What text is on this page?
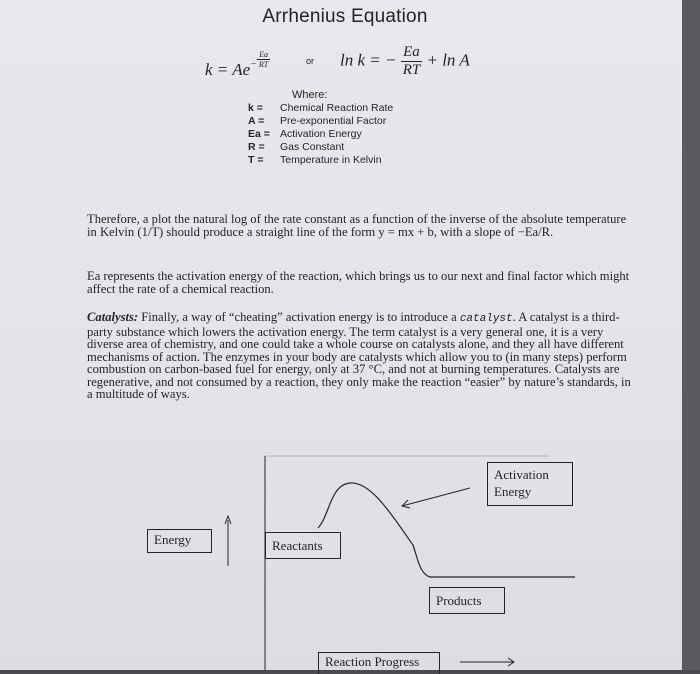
Arrhenius Equation
$k = Ae^{- \frac{Ea}{RT}}$	or ln k = − $\frac{Ea}{RT} + \ln A$
Where:
k =	Chemical Reaction Rate
A =	Pre-exponential Factor
Ea = Activation Energy
R =	Gas Constant
T =	Temperature in Kelvin
Therefore, a plot the natural log of the rate constant as a function of the inverse of the absolute temperature in Kelvin (1/T) should produce a straight line of the form y = mx + b, with a slope of −Ea/R.
Ea represents the activation energy of the reaction, which brings us to our next and final factor which might affect the rate of a chemical reaction.
Catalysts: Finally, a way of “cheating” activation energy is to introduce a catalyst. A catalyst is a third-party substance which lowers the activation energy. The term catalyst is a very general one, it is a very diverse area of chemistry, and one could take a whole course on catalysts alone, and they all have different mechanisms of action. The enzymes in your body are catalysts which allow you to (in many steps) perform combustion on carbon-based fuel for energy, only at 37 °C, and not at burning temperatures. Catalysts are regenerative, and not consumed by a reaction, they only make the reaction “easier” by nature’s standards, in a multitude of ways.
Energy	Reactants
Products
Activation Energy
Reaction Progress
